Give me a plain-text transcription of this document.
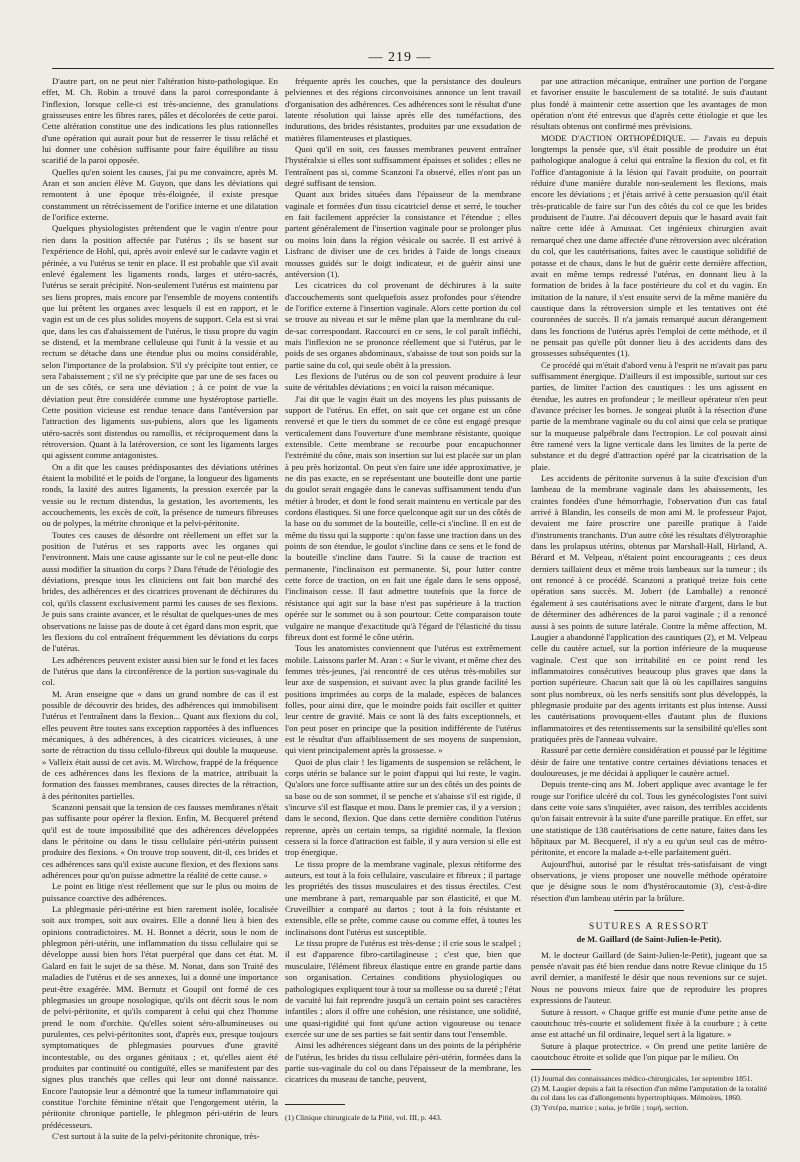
— 219 —

D'autre part, on ne peut nier l'altération histo-pathologique. En effet, M. Ch. Robin a trouvé dans la paroi correspondante à l'inflexion, lorsque celle-ci est très-ancienne, des granulations graisseuses entre les fibres rares, pâles et décolorées de cette paroi. Cette altération constitue une des indications les plus rationnelles d'une opération qui aurait pour but de resserrer le tissu relâché et lui donner une cohésion suffisante pour faire équilibre au tissu scarifié de la paroi opposée.

Quelles qu'en soient les causes, j'ai pu me convaincre, après M. Aran et son ancien élève M. Guyon, que dans les déviations qui remontent à une époque très-éloignée, il existe presque constamment un rétrécissement de l'orifice interne et une dilatation de l'orifice externe.

Quelques physiologistes prétendent que le vagin n'entre pour rien dans la position affectée par l'utérus ; ils se basent sur l'expérience de Hohl, qui, après avoir enlevé sur le cadavre vagin et périnée, a vu l'utérus se tenir en place. Il est probable que s'il avait enlevé également les ligaments ronds, larges et utéro-sacrés, l'utérus se serait précipité. Non-seulement l'utérus est maintenu par ses liens propres, mais encore par l'ensemble de moyens contentifs que lui prêtent les organes avec lesquels il est en rapport, et le vagin est un de ces plus solides moyens de support. Cela est si vrai que, dans les cas d'abaissement de l'utérus, le tissu propre du vagin se distend, et la membrane celluleuse qui l'unit à la vessie et au rectum se détache dans une étendue plus ou moins considérable, selon l'importance de la prolabsion. S'il s'y précipite tout entier, ce sera l'abaissement ; s'il ne s'y précipite que par une de ses faces ou un de ses côtés, ce sera une déviation ; à ce point de vue la déviation peut être considérée comme une hystéroptose partielle. Cette position vicieuse est rendue tenace dans l'antéversion par l'attraction des ligaments sus-pubiens, alors que les ligaments utéro-sacrés sont distendus ou ramollis, et réciproquement dans la rétroversion. Quant à la latéroversion, ce sont les ligaments larges qui agissent comme antagonistes.

On a dit que les causes prédisposantes des déviations utérines étaient la mobilité et le poids de l'organe, la longueur des ligaments ronds, la laxité des autres ligaments, la pression exercée par la vessie ou le rectum distendus, la gestation, les avortements, les accouchements, les excès de coït, la présence de tumeurs fibreuses ou de polypes, la métrite chronique et la pelvi-péritonite.

Toutes ces causes de désordre ont réellement un effet sur la position de l'utérus et ses rapports avec les organes qui l'environnent. Mais une cause agissante sur le col ne peut-elle donc aussi modifier la situation du corps ? Dans l'étude de l'étiologie des déviations, presque tous les cliniciens ont fait bon marché des brides, des adhérences et des cicatrices provenant de déchirures du col, qu'ils classent exclusivement parmi les causes de ses flexions. Je puis sans crainte avancer, et le résultat de quelques-unes de mes observations ne laisse pas de doute à cet égard dans mon esprit, que les flexions du col entraînent fréquemment les déviations du corps de l'utérus.

Les adhérences peuvent exister aussi bien sur le fond et les faces de l'utérus que dans la circonférence de la portion sus-vaginale du col.

M. Aran enseigne que « dans un grand nombre de cas il est possible de découvrir des brides, des adhérences qui immobilisent l'utérus et l'entraînent dans la flexion... Quant aux flexions du col, elles peuvent être toutes sans exception rapportées à des influences mécaniques, à des adhérences, à des cicatrices vicieuses, à une sorte de rétraction du tissu cellulo-fibreux qui double la muqueuse. » Valleix était aussi de cet avis. M. Wirchow, frappé de la fréquence de ces adhérences dans les flexions de la matrice, attribuait la formation des fausses membranes, causes directes de la rétraction, à des péritonites partielles.

Scanzoni pensait que la tension de ces fausses membranes n'était pas suffisante pour opérer la flexion. Enfin, M. Becquerel prétend qu'il est de toute impossibilité que des adhérences développées dans le péritoine ou dans le tissu cellulaire péri-utérin puissent produire des flexions. « On trouve trop souvent, dit-il, ces brides et ces adhérences sans qu'il existe aucune flexion, et des flexions sans adhérences pour qu'on puisse admettre la réalité de cette cause. »

Le point en litige n'est réellement que sur le plus ou moins de puissance coarctive des adhérences.

La phlegmasie péri-utérine est bien rarement isolée, localisée soit aux trompes, soit aux ovaires. Elle a donné lieu à bien des opinions contradictoires. M. H. Bonnet a décrit, sous le nom de phlegmon péri-utérin, une inflammation du tissu cellulaire qui se développe aussi bien hors l'état puerpéral que dans cet état. M. Galard en fait le sujet de sa thèse. M. Nonat, dans son Traité des maladies de l'utérus et de ses annexes, lui a donné une importance peut-être exagérée. MM. Bernutz et Goupil ont formé de ces phlegmasies un groupe nosologique, qu'ils ont décrit sous le nom de pelvi-péritonite, et qu'ils comparent à celui qui chez l'homme prend le nom d'orchite. Qu'elles soient séro-albumineuses ou purulentes, ces pelvi-péritonites sont, d'après eux, presque toujours symptomatiques de phlegmasies pourvues d'une gravité incontestable, ou des organes génitaux ; et, qu'elles aient été produites par continuité ou contiguïté, elles se manifestent par des signes plus tranchés que celles qui leur ont donné naissance. Encore l'autopsie leur a démontré que la tumeur inflammatoire qui constitue l'orchite féminine n'était que l'engorgement utérin, la péritonite chronique partielle, le phlegmon péri-utérin de leurs prédécesseurs.

C'est surtout à la suite de la pelvi-péritonite chronique, très-

fréquente après les couches, que la persistance des douleurs pelviennes et des régions circonvoisines annonce un lent travail d'organisation des adhérences. Ces adhérences sont le résultat d'une latente résolution qui laisse après elle des tuméfactions, des indurations, des brides résistantes, produites par une exsudation de matières filamenteuses et plastiques.

Quoi qu'il en soit, ces fausses membranes peuvent entraîner l'hystéralxie si elles sont suffisamment épaisses et solides ; elles ne l'entraînent pas si, comme Scanzoni l'a observé, elles n'ont pas un degré suffisant de tension.

Quant aux brides situées dans l'épaisseur de la membrane vaginale et formées d'un tissu cicatriciel dense et serré, le toucher en fait facilement apprécier la consistance et l'étendue ; elles partent généralement de l'insertion vaginale pour se prolonger plus ou moins loin dans la région vésicale ou sacrée. Il est arrivé à Lisfranc de diviser une de ces brides à l'aide de longs ciseaux mousses guidés sur le doigt indicateur, et de guérir ainsi une antéversion (1).

Les cicatrices du col provenant de déchirures à la suite d'accouchements sont quelquefois assez profondes pour s'étendre de l'orifice externe à l'insertion vaginale. Alors cette portion du col se trouve au niveau et sur le même plan que la membrane du cul-de-sac correspondant. Raccourci en ce sens, le col paraît infléchi, mais l'inflexion ne se prononce réellement que si l'utérus, par le poids de ses organes abdominaux, s'abaisse de tout son poids sur la partie saine du col, qui seule obéit à la pression.

Les flexions de l'utérus ou de son col peuvent produire à leur suite de véritables déviations ; en voici la raison mécanique.

J'ai dit que le vagin était un des moyens les plus puissants de support de l'utérus. En effet, on sait que cet organe est un cône renversé et que le tiers du sommet de ce cône est engagé presque verticalement dans l'ouverture d'une membrane résistante, quoique extensible. Cette membrane se recourbe pour encapuchonner l'extrémité du cône, mais son insertion sur lui est placée sur un plan à peu près horizontal. On peut s'en faire une idée approximative, je ne dis pas exacte, en se représentant une bouteille dont une partie du goulot serait engagée dans le canevas suffisamment tendu d'un métier à broder, et dont le fond serait maintenu en verticale par des cordons élastiques. Si une force quelconque agit sur un des côtés de la base ou du sommet de la bouteille, celle-ci s'incline. Il en est de même du tissu qui la supporte : qu'on fasse une traction dans un des points de son étendue, le goulot s'incline dans ce sens et le fond de la bouteille s'incline dans l'autre. Si la cause de traction est permanente, l'inclinaison est permanente. Si, pour lutter contre cette force de traction, on en fait une égale dans le sens opposé, l'inclinaison cesse. Il faut admettre toutefois que la force de résistance qui agit sur la base n'est pas supérieure à la traction opérée sur le sommet ou à son pourtour. Cette comparaison toute vulgaire ne manque d'exactitude qu'à l'égard de l'élasticité du tissu fibreux dont est formé le cône utérin.

Tous les anatomistes conviennent que l'utérus est extrêmement mobile. Laissons parler M. Aran : « Sur le vivant, et même chez des femmes très-jeunes, j'ai rencontré de ces utérus très-mobiles sur leur axe de suspension, et suivant avec la plus grande facilité les positions imprimées au corps de la malade, espèces de balances folles, pour ainsi dire, que le moindre poids fait osciller et quitter leur centre de gravité. Mais ce sont là des faits exceptionnels, et l'on peut poser en principe que la position indifférente de l'utérus est le résultat d'un affaiblissement de ses moyens de suspension, qui vient principalement après la grossesse. »

Quoi de plus clair ! les ligaments de suspension se relâchent, le corps utérin se balance sur le point d'appui qui lui reste, le vagin. Qu'alors une force suffisante attire sur un des côtés un des points de sa base ou de son sommet, il se penche et s'abaisse s'il est rigide, il s'incurve s'il est flasque et mou. Dans le premier cas, il y a version ; dans le second, flexion. Que dans cette dernière condition l'utérus reprenne, après un certain temps, sa rigidité normale, la flexion cessera si la force d'attraction est faible, il y aura version si elle est trop énergique.

Le tissu propre de la membrane vaginale, plexus rétiforme des auteurs, est tout à la fois cellulaire, vasculaire et fibreux ; il partage les propriétés des tissus musculaires et des tissus érectiles. C'est une membrane à part, remarquable par son élasticité, et que M. Cruveilhier a comparé au dartos ; tout à la fois résistante et extensible, elle se prête, comme cause ou comme effet, à toutes les inclinaisons dont l'utérus est susceptible.

Le tissu propre de l'utérus est très-dense ; il crie sous le scalpel ; il est d'apparence fibro-cartilagineuse ; c'est que, bien que musculaire, l'élément fibreux élastique entre en grande partie dans son organisation. Certaines conditions physiologiques ou pathologiques expliquent tour à tour sa mollesse ou sa dureté ; l'état de vacuité lui fait reprendre jusqu'à un certain point ses caractères infantiles ; alors il offre une cohésion, une résistance, une solidité, une quasi-rigidité qui font qu'une action vigoureuse ou tenace exercée sur une de ses parties se fait sentir dans tout l'ensemble.

Ainsi les adhérences siégeant dans un des points de la périphérie de l'utérus, les brides du tissu cellulaire péri-utérin, formées dans la partie sus-vaginale du col ou dans l'épaisseur de la membrane, les cicatrices du museau de tanche, peuvent,

(1) Clinique chirurgicale de la Pitié, vol. III, p. 443.

par une attraction mécanique, entraîner une portion de l'organe et favoriser ensuite le basculement de sa totalité. Je suis d'autant plus fondé à maintenir cette assertion que les avantages de mon opération n'ont été entrevus que d'après cette étiologie et que les résultats obtenus ont confirmé mes prévisions.

MODE D'ACTION ORTHOPÉDIQUE. — J'avais eu depuis longtemps la pensée que, s'il était possible de produire un état pathologique analogue à celui qui entraîne la flexion du col, et fit l'office d'antagoniste à la lésion qui l'avait produite, on pourrait réduire d'une manière durable non-seulement les flexions, mais encore les déviations ; et j'étais arrivé à cette persuasion qu'il était très-praticable de faire sur l'un des côtés du col ce que les brides produisent de l'autre. J'ai découvert depuis que le hasard avait fait naître cette idée à Amussat. Cet ingénieux chirurgien avait remarqué chez une dame affectée d'une rétroversion avec ulcération du col, que les cautérisations, faites avec le caustique solidifié de potasse et de chaux, dans le but de guérir cette dernière affection, avait en même temps redressé l'utérus, en donnant lieu à la formation de brides à la face postérieure du col et du vagin. En imitation de la nature, il s'est ensuite servi de la même manière du caustique dans la rétroversion simple et les tentatives ont été couronnées de succès. Il n'a jamais remarqué aucun dérangement dans les fonctions de l'utérus après l'emploi de cette méthode, et il ne pensait pas qu'elle pût donner lieu à des accidents dans des grossesses subséquentes (1).

Ce procédé qui m'était d'abord venu à l'esprit ne m'avait pas paru suffisamment énergique. D'ailleurs il est impossible, surtout sur ces parties, de limiter l'action des caustiques : les uns agissent en étendue, les autres en profondeur ; le meilleur opérateur n'en peut d'avance préciser les bornes. Je songeai plutôt à la résection d'une partie de la membrane vaginale ou du col ainsi que cela se pratique sur la muqueuse palpébrale dans l'ectropion. Le col pouvait ainsi être ramené vers la ligne verticale dans les limites de la perte de substance et du degré d'attraction opéré par la cicatrisation de la plaie.

Les accidents de péritonite survenus à la suite d'excision d'un lambeau de la membrane vaginale dans les abaissements, les craintes fondées d'une hémorrhagie, l'observation d'un cas fatal arrivé à Blandin, les conseils de mon ami M. le professeur Pajot, devaient me faire proscrire une pareille pratique à l'aide d'instruments tranchants. D'un autre côté les résultats d'élytroraphie dans les prolapsus utérins, obtenus par Marshall-Hall, Hirland, A. Bérard et M. Velpeau, n'étaient point encourageants ; ces deux derniers taillaient deux et même trois lambeaux sur la tumeur ; ils ont renoncé à ce procédé. Scanzoni a pratiqué treize fois cette opération sans succès. M. Jobert (de Lamballe) a renoncé également à ses cautérisations avec le nitrate d'argent, dans le but de déterminer des adhérences de la paroi vaginale ; il a renoncé aussi à ses points de suture latérale. Contre la même affection, M. Laugier a abandonné l'application des caustiques (2), et M. Velpeau celle du cautère actuel, sur la portion inférieure de la muqueuse vaginale. C'est que son irritabilité en ce point rend les inflammatoires consécutives beaucoup plus graves que dans la portion supérieure. Chacun sait que là où les capillaires sanguins sont plus nombreux, où les nerfs sensitifs sont plus développés, la phlegmasie produite par des agents irritants est plus intense. Aussi les cautérisations provoquent-elles d'autant plus de fluxions inflammatoires et des retentissements sur la sensibilité qu'elles sont pratiquées près de l'anneau vulvaire.

Rassuré par cette dernière considération et poussé par le légitime désir de faire une tentative contre certaines déviations tenaces et douloureuses, je me décidai à appliquer le cautère actuel.

Depuis trente-cinq ans M. Jobert applique avec avantage le fer rouge sur l'orifice ulcéré du col. Tous les gynécologistes l'ont suivi dans cette voie sans s'inquiéter, avec raison, des terribles accidents qu'on faisait entrevoir à la suite d'une pareille pratique. En effet, sur une statistique de 138 cautérisations de cette nature, faites dans les hôpitaux par M. Becquerel, il n'y a eu qu'un seul cas de métro-péritonite, et encore la malade a-t-elle parfaitement guéri.

Aujourd'hui, autorisé par le résultat très-satisfaisant de vingt observations, je viens proposer une nouvelle méthode opératoire que je désigne sous le nom d'hystérocautomie (3), c'est-à-dire résection d'un lambeau utérin par la brûlure.

SUTURES A RESSORT

de M. Gaillard (de Saint-Julien-le-Petit).

M. le docteur Gaillard (de Saint-Julien-le-Petit), jugeant que sa pensée n'avait pas été bien rendue dans notre Revue clinique du 15 avril dernier, a manifesté le désir que nous revenions sur ce sujet. Nous ne pouvons mieux faire que de reproduire les propres expressions de l'auteur.

Suture à ressort. « Chaque griffe est munie d'une petite anse de caoutchouc très-courte et solidement fixée à la courbure ; à cette anse est attaché un fil ordinaire, lequel sert à la ligature. »

Suture à plaque protectrice. « On prend une petite lanière de caoutchouc étroite et solide que l'on pique par le milieu. On

(1) Journal des connaissances médico-chirurgicales, 1er septembre 1851.

(2) M. Laugier depuis a fait la résection d'un même l'amputation de la totalité du col dans les cas d'allongements hypertrophiques. Mémoires, 1860.

(3) Ὑστέρα, matrice ; καίω, je brûle ; τομή, section.
